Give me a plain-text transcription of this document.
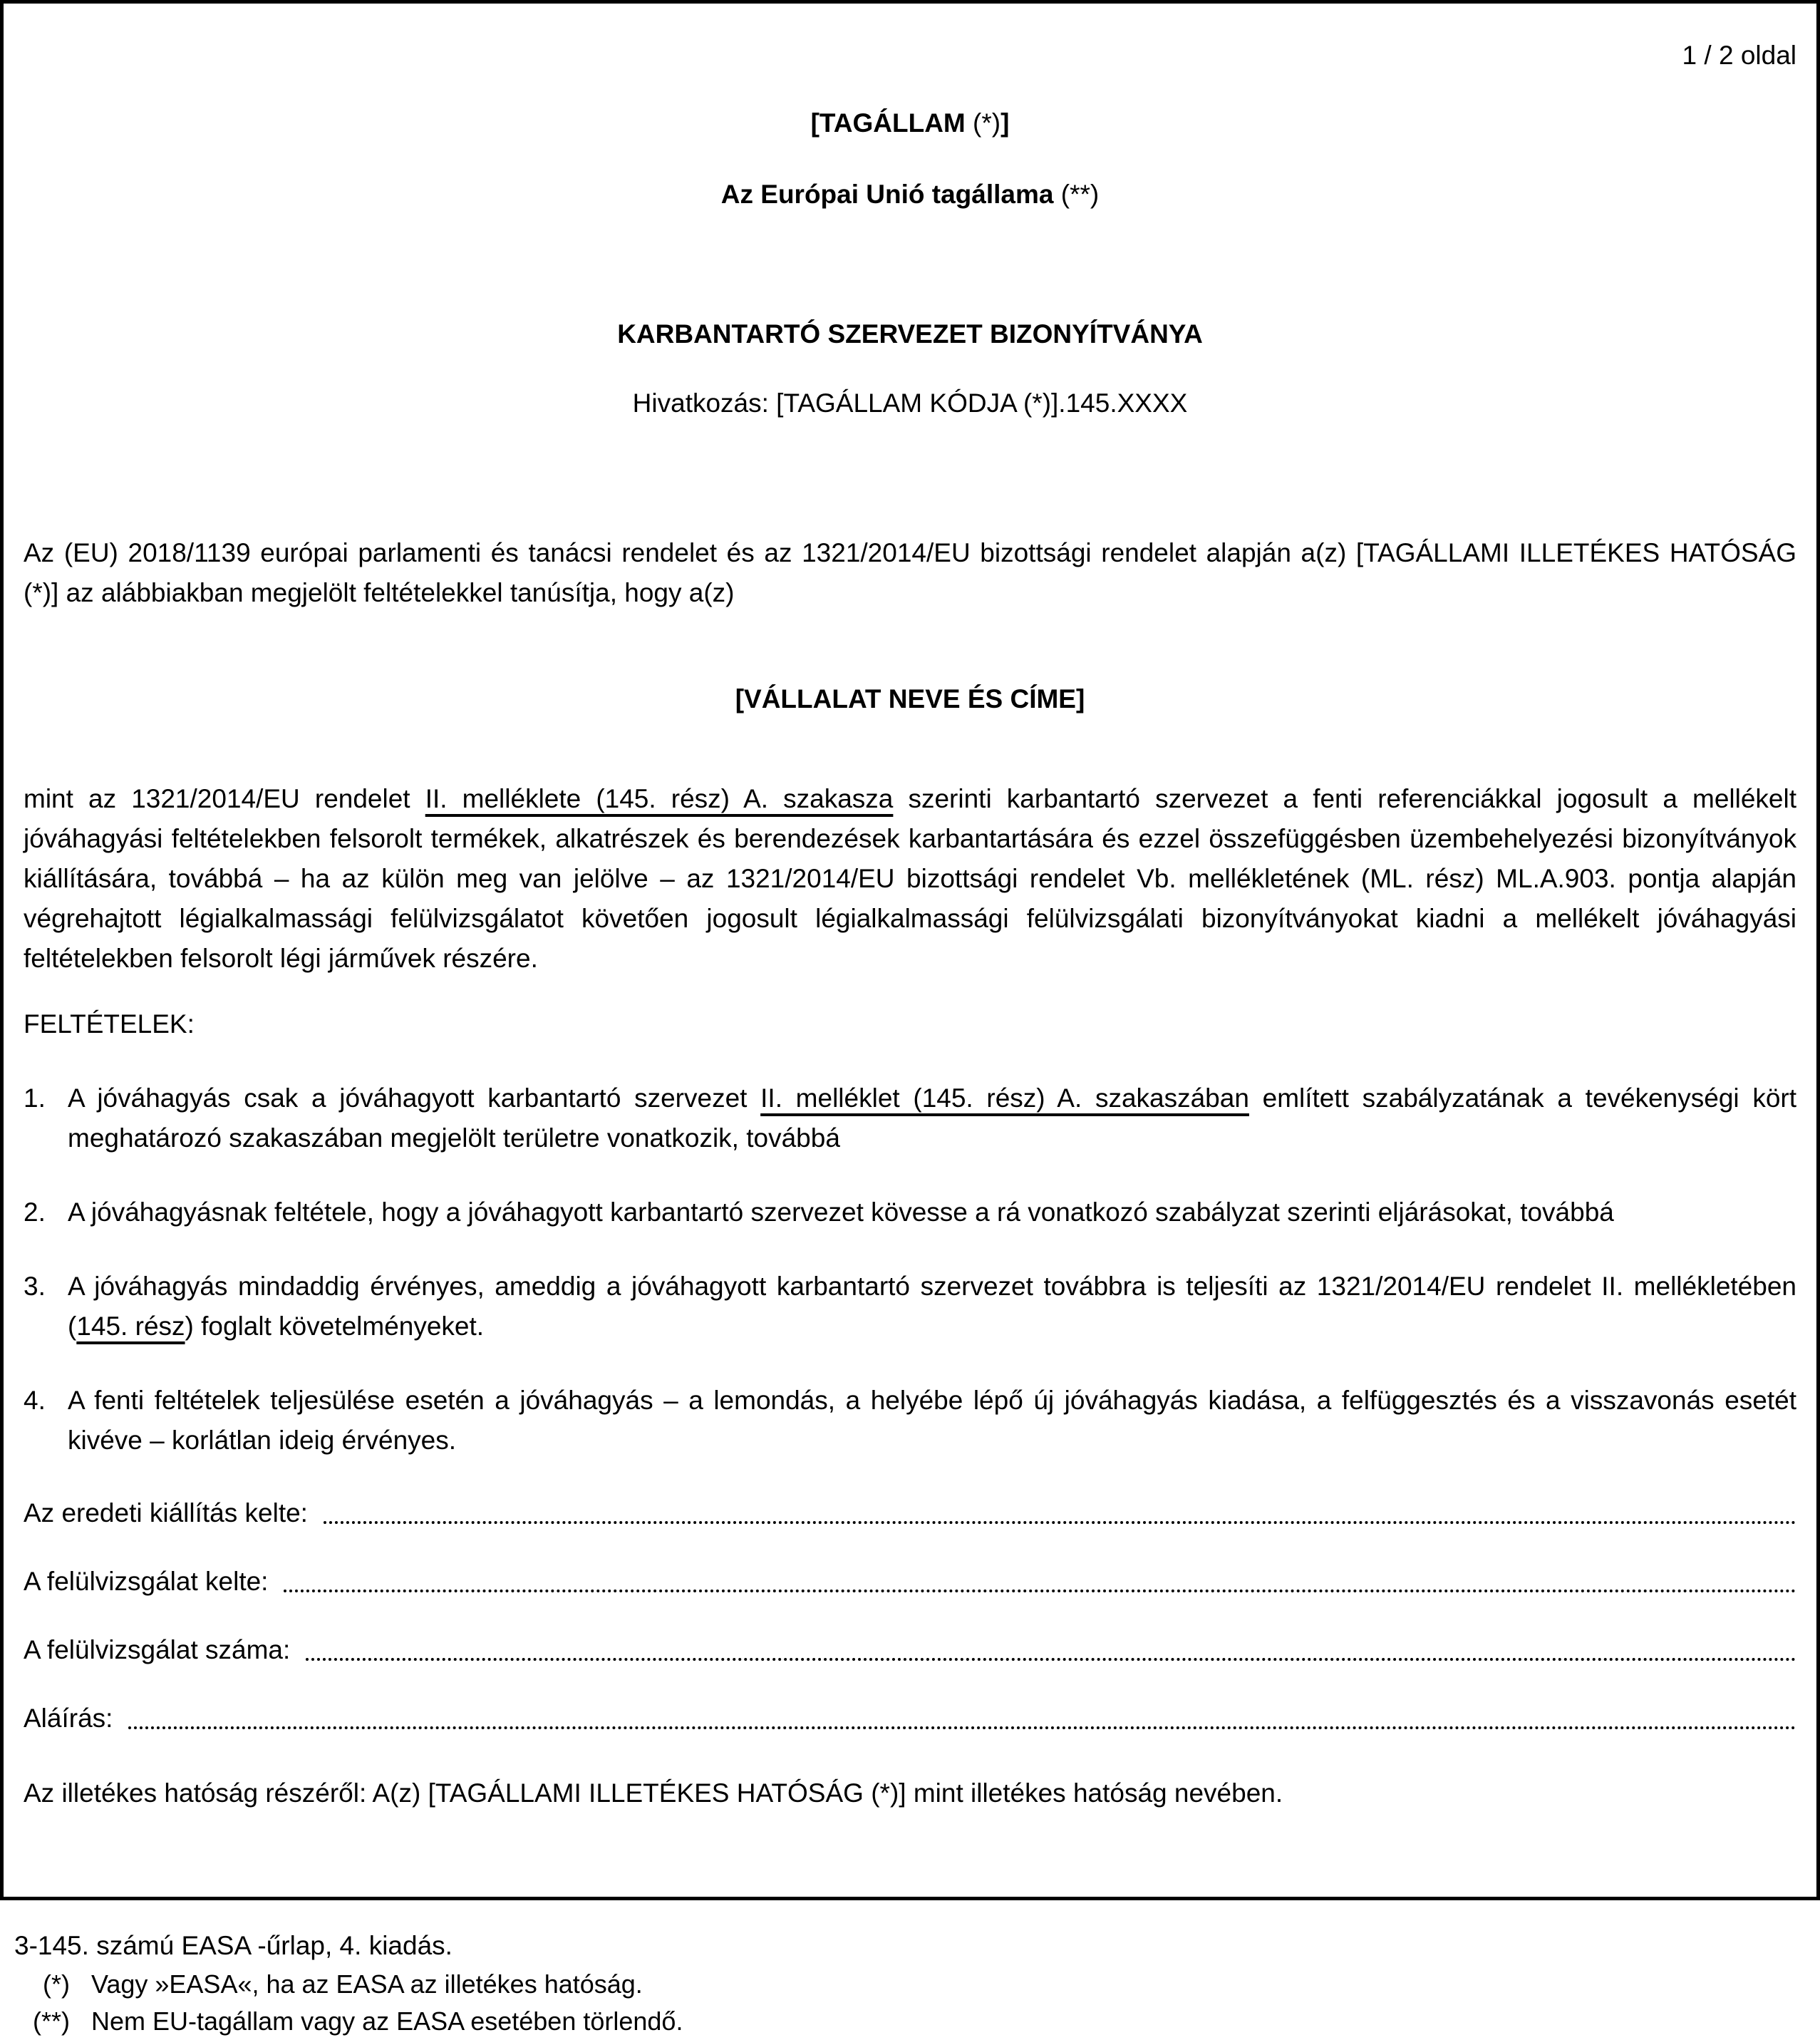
1 / 2 oldal

[TAGÁLLAM (*)]
Az Európai Unió tagállama (**)
KARBANTARTÓ SZERVEZET BIZONYÍTVÁNYA

Hivatkozás: [TAGÁLLAM KÓDJA (*)].145.XXXX

Az (EU) 2018/1139 európai parlamenti és tanácsi rendelet és az 1321/2014/EU bizottsági rendelet alapján a(z) [TAGÁLLAMI ILLETÉKES HATÓSÁG (*)] az alábbiakban megjelölt feltételekkel tanúsítja, hogy a(z)

[VÁLLALAT NEVE ÉS CÍME]

mint az 1321/2014/EU rendelet II. melléklete (145. rész) A. szakasza szerinti karbantartó szervezet a fenti referenciákkal jogosult a mellékelt jóváhagyási feltételekben felsorolt termékek, alkatrészek és berendezések karbantartására és ezzel összefüggésben üzembehelyezési bizonyítványok kiállítására, továbbá – ha az külön meg van jelölve – az 1321/2014/EU bizottsági rendelet Vb. mellékletének (ML. rész) ML.A.903. pontja alapján végrehajtott légialkalmassági felülvizsgálatot követően jogosult légialkalmassági felülvizsgálati bizonyítványokat kiadni a mellékelt jóváhagyási feltételekben felsorolt légi járművek részére.

FELTÉTELEK:

1. A jóváhagyás csak a jóváhagyott karbantartó szervezet II. melléklet (145. rész) A. szakaszában említett szabályzatának a tevékenységi kört meghatározó szakaszában megjelölt területre vonatkozik, továbbá
2. A jóváhagyásnak feltétele, hogy a jóváhagyott karbantartó szervezet kövesse a rá vonatkozó szabályzat szerinti eljárásokat, továbbá
3. A jóváhagyás mindaddig érvényes, ameddig a jóváhagyott karbantartó szervezet továbbra is teljesíti az 1321/2014/EU rendelet II. mellékletében (145. rész) foglalt követelményeket.
4. A fenti feltételek teljesülése esetén a jóváhagyás – a lemondás, a helyébe lépő új jóváhagyás kiadása, a felfüggesztés és a visszavonás esetét kivéve – korlátlan ideig érvényes.
Az eredeti kiállítás kelte:
A felülvizsgálat kelte:
A felülvizsgálat száma:
Aláírás:

Az illetékes hatóság részéről: A(z) [TAGÁLLAMI ILLETÉKES HATÓSÁG (*)] mint illetékes hatóság nevében.

3-145. számú EASA -űrlap, 4. kiadás.

(*) Vagy »EASA«, ha az EASA az illetékes hatóság.
(**) Nem EU-tagállam vagy az EASA esetében törlendő.
